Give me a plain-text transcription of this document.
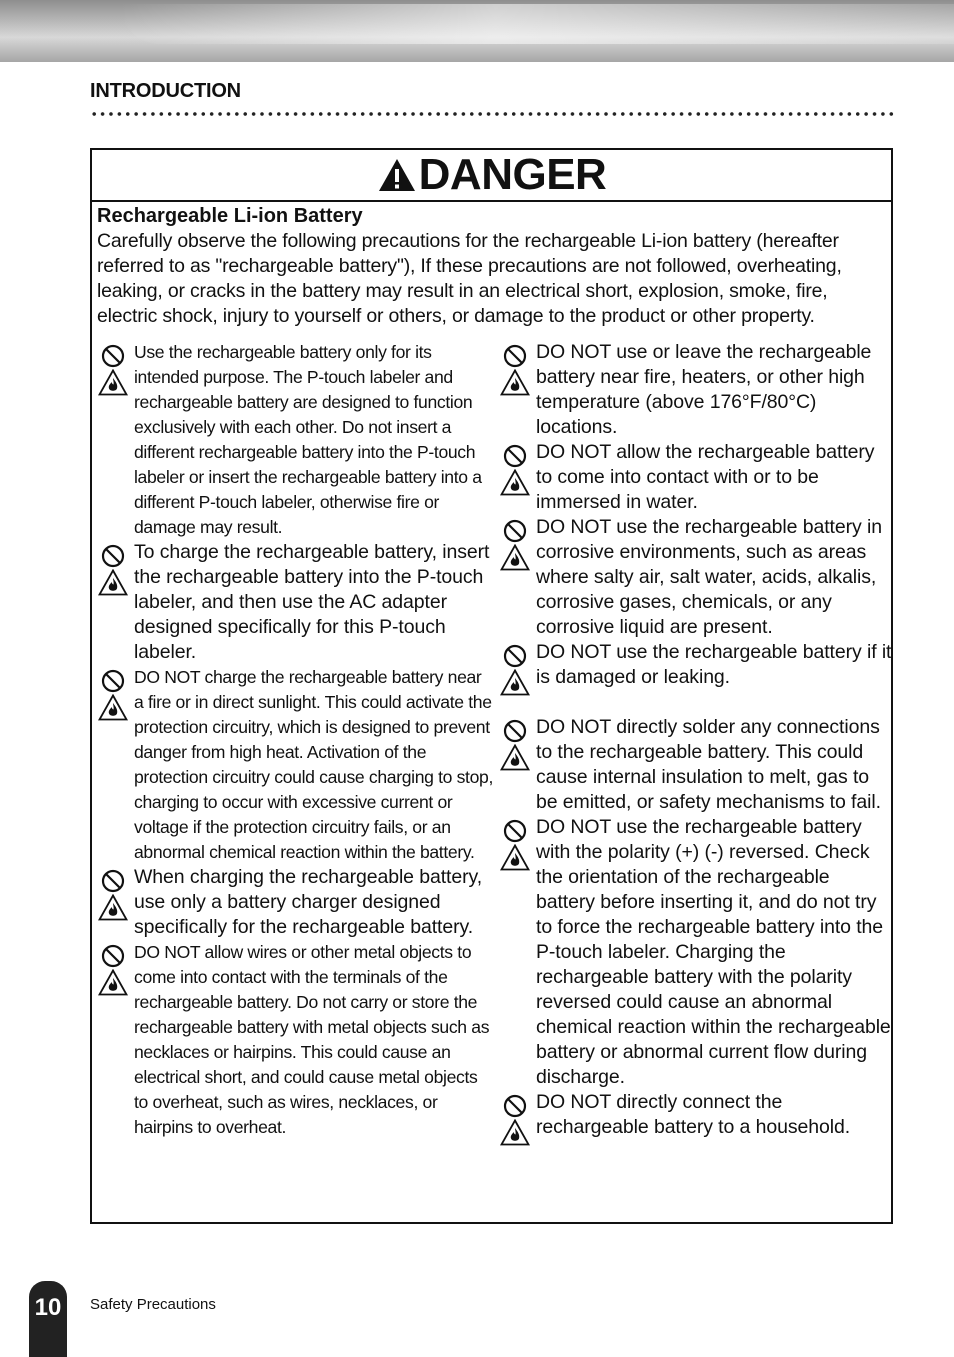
INTRODUCTION
DANGER
Rechargeable Li-ion Battery

Carefully observe the following precautions for the rechargeable Li-ion battery (hereafter referred to as "rechargeable battery"), If these precautions are not followed, overheating, leaking, or cracks in the battery may result in an electrical short, explosion, smoke, fire, electric shock, injury to yourself or others, or damage to the product or other property.

Use the rechargeable battery only for its intended purpose. The P-touch labeler and rechargeable battery are designed to function exclusively with each other. Do not insert a different rechargeable battery into the P-touch labeler or insert the rechargeable battery into a different P-touch labeler, otherwise fire or damage may result.
To charge the rechargeable battery, insert the rechargeable battery into the P-touch labeler, and then use the AC adapter designed specifically for this P-touch labeler.
DO NOT charge the rechargeable battery near a fire or in direct sunlight. This could activate the protection circuitry, which is designed to prevent danger from high heat. Activation of the protection circuitry could cause charging to stop, charging to occur with excessive current or voltage if the protection circuitry fails, or an abnormal chemical reaction within the battery.
When charging the rechargeable battery, use only a battery charger designed specifically for the rechargeable battery.
DO NOT allow wires or other metal objects to come into contact with the terminals of the rechargeable battery. Do not carry or store the rechargeable battery with metal objects such as necklaces or hairpins. This could cause an electrical short, and could cause metal objects to overheat, such as wires, necklaces, or hairpins to overheat.
DO NOT use or leave the rechargeable battery near fire, heaters, or other high temperature (above 176°F/80°C) locations.
DO NOT allow the rechargeable battery to come into contact with or to be immersed in water.
DO NOT use the rechargeable battery in corrosive environments, such as areas where salty air, salt water, acids, alkalis, corrosive gases, chemicals, or any corrosive liquid are present.
DO NOT use the rechargeable battery if it is damaged or leaking.
DO NOT directly solder any connections to the rechargeable battery. This could cause internal insulation to melt, gas to be emitted, or safety mechanisms to fail.
DO NOT use the rechargeable battery with the polarity (+) (-) reversed. Check the orientation of the rechargeable battery before inserting it, and do not try to force the rechargeable battery into the P-touch labeler. Charging the rechargeable battery with the polarity reversed could cause an abnormal chemical reaction within the rechargeable battery or abnormal current flow during discharge.
DO NOT directly connect the rechargeable battery to a household.
10 Safety Precautions
